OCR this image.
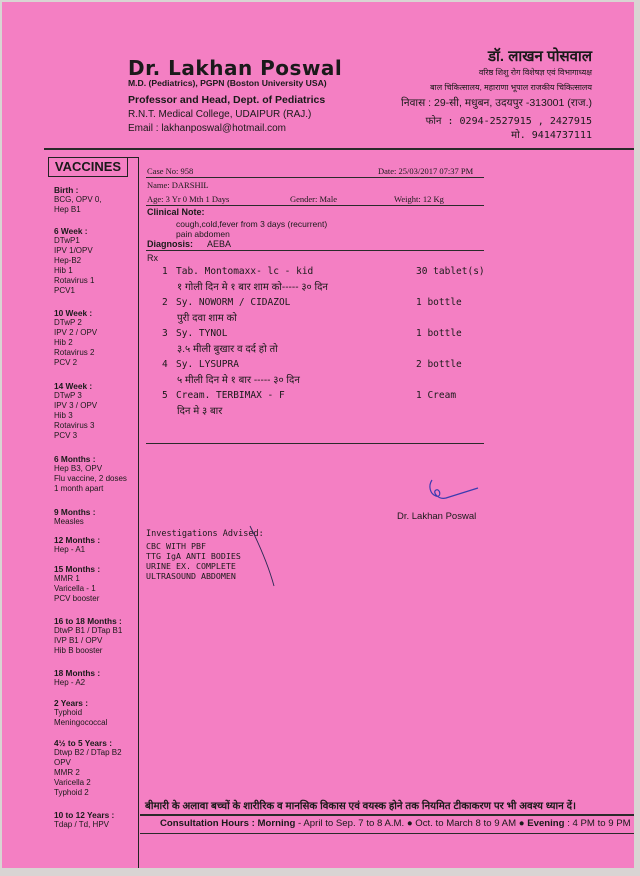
Dr. Lakhan Poswal
M.D. (Pediatrics), PGPN (Boston University USA)
Professor and Head, Dept. of Pediatrics
R.N.T. Medical College, UDAIPUR (RAJ.)
Email : lakhanposwal@hotmail.com
डॉ. लाखन पोसवाल
वरिष्ठ शिशु रोग विशेषज्ञ एवं विभागाध्यक्ष
बाल चिकित्सालय, महाराणा भूपाल राजकीय चिकित्सालय
निवास : 29-सी, मधुबन, उदयपुर -313001 (राज.)
फोन : 0294-2527915 , 2427915
मो. 9414737111
VACCINES
Birth :
BCG, OPV 0,
Hep B1
6 Week :
DTwP1
IPV 1/OPV
Hep-B2
Hib 1
Rotavirus 1
PCV1
10 Week :
DTwP 2
IPV 2 / OPV
Hib 2
Rotavirus 2
PCV 2
14 Week :
DTwP 3
IPV 3 / OPV
Hib 3
Rotavirus 3
PCV 3
6 Months :
Hep B3, OPV
Flu vaccine, 2 doses
1 month apart
9 Months :
Measles
12 Months :
Hep - A1
15 Months :
MMR 1
Varicella - 1
PCV booster
16 to 18 Months :
DtwP B1 / DTap B1
IVP B1 / OPV
Hib B booster
18 Months :
Hep - A2
2 Years :
Typhoid
Meningococcal
4½ to 5 Years :
Dtwp B2 / DTap B2
OPV
MMR 2
Varicella 2
Typhoid 2
10 to 12 Years :
Tdap / Td, HPV
Case No: 958	Date: 25/03/2017 07:37 PM
Name: DARSHIL
Age: 3 Yr 0 Mth 1 Days	Gender: Male	Weight: 12 Kg
Clinical Note:
cough,cold,fever from 3 days (recurrent)
pain abdomen
Diagnosis: AEBA
Rx
1 Tab. Montomaxx- lc - kid	30 tablet(s)
१ गोली दिन मे १ बार शाम को----- ३० दिन
2 Sy. NOWORM / CIDAZOL	1 bottle
पुरी दवा शाम को
3 Sy. TYNOL	1 bottle
३.५ मीली बुखार व दर्द हो तो
4 Sy. LYSUPRA	2 bottle
५ मीली दिन मे १ बार ----- ३० दिन
5 Cream. TERBIMAX - F	1 Cream
दिन मे ३ बार
Dr. Lakhan Poswal
Investigations Advised:
CBC WITH PBF
TTG IgA ANTI BODIES
URINE EX. COMPLETE
ULTRASOUND ABDOMEN
बीमारी के अलावा बच्चों के शारीरिक व मानसिक विकास एवं वयस्क होने तक नियमित टीकाकरण पर भी अवश्य ध्यान दें।
Consultation Hours : Morning - April to Sep. 7 to 8 A.M. ● Oct. to March 8 to 9 AM ● Evening : 4 PM to 9 PM
